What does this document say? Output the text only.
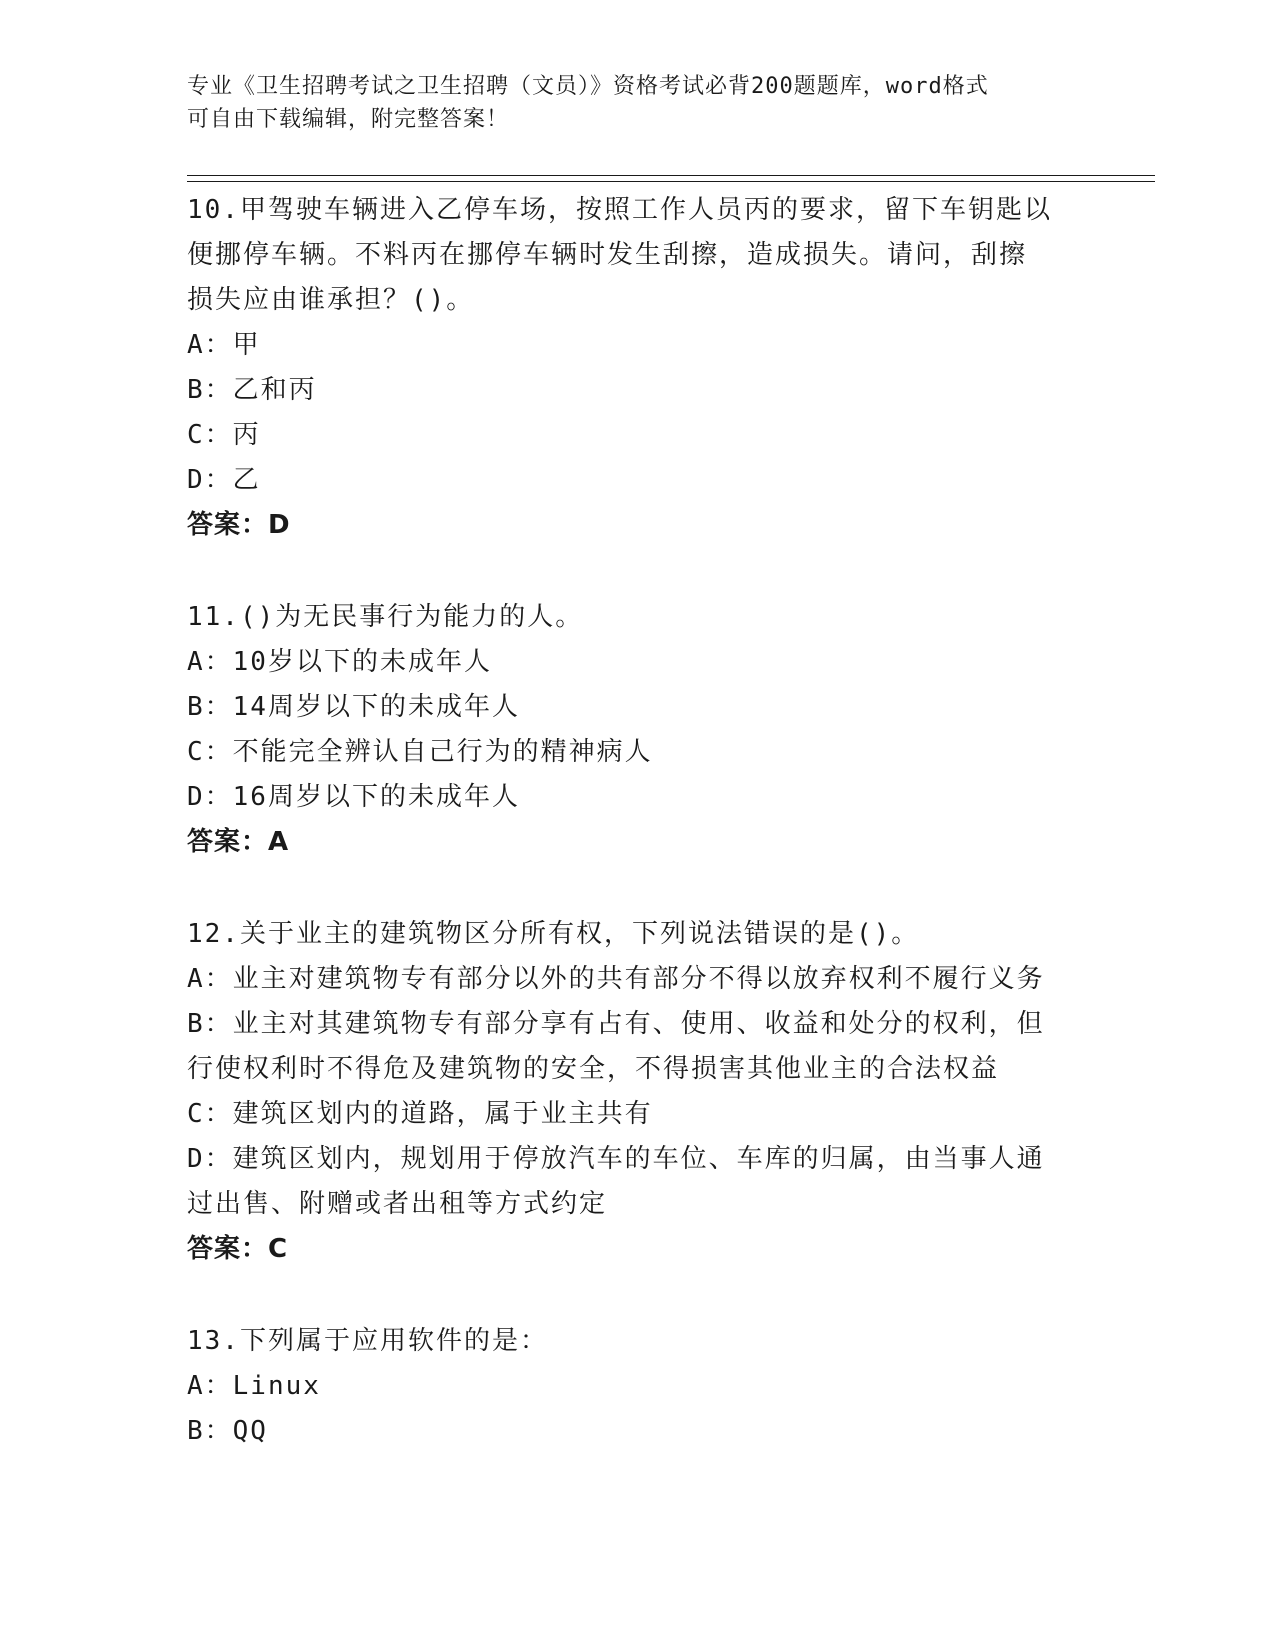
专业《卫生招聘考试之卫生招聘（文员）》资格考试必背200题题库，word格式
可自由下载编辑，附完整答案！
10.甲驾驶车辆进入乙停车场，按照工作人员丙的要求，留下车钥匙以
便挪停车辆。不料丙在挪停车辆时发生刮擦，造成损失。请问，刮擦
损失应由谁承担？()。
A：甲
B：乙和丙
C：丙
D：乙
答案：D
11.()为无民事行为能力的人。
A：10岁以下的未成年人
B：14周岁以下的未成年人
C：不能完全辨认自己行为的精神病人
D：16周岁以下的未成年人
答案：A
12.关于业主的建筑物区分所有权，下列说法错误的是()。
A：业主对建筑物专有部分以外的共有部分不得以放弃权利不履行义务
B：业主对其建筑物专有部分享有占有、使用、收益和处分的权利，但
行使权利时不得危及建筑物的安全，不得损害其他业主的合法权益
C：建筑区划内的道路，属于业主共有
D：建筑区划内，规划用于停放汽车的车位、车库的归属，由当事人通
过出售、附赠或者出租等方式约定
答案：C
13.下列属于应用软件的是：
A：Linux
B：QQ
